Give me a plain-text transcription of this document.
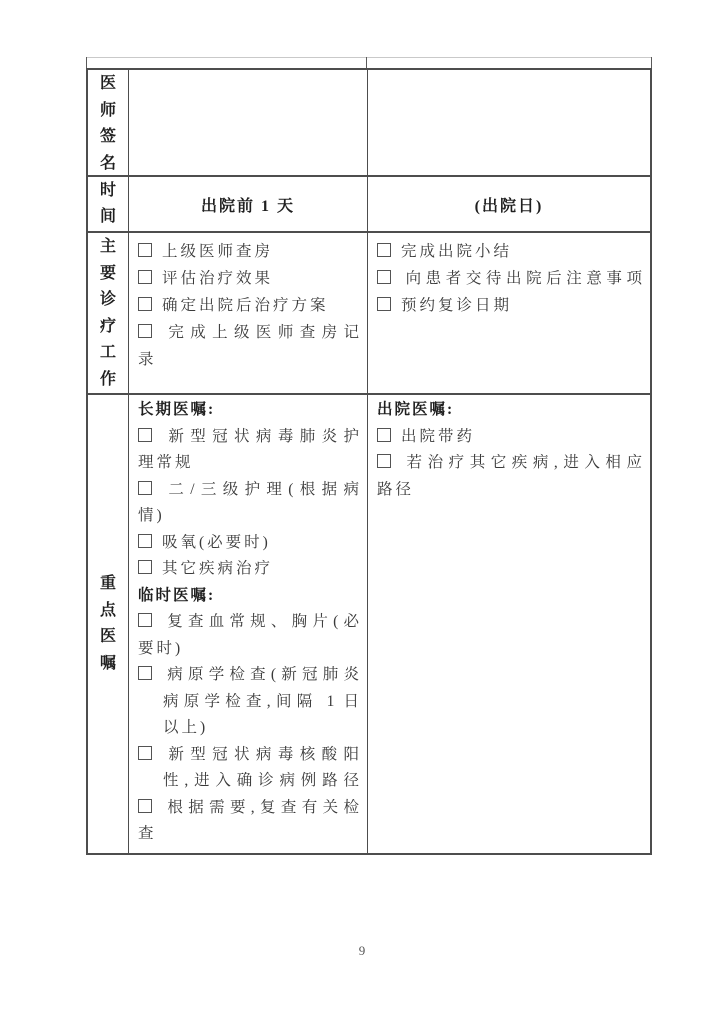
医师签名
时间
出院前 1 天	(出院日)
主要诊疗工作
上级医师查房
评估治疗效果
确定出院后治疗方案
完成上级医师查房记
录
完成出院小结
向患者交待出院后注意事项
预约复诊日期
重点医嘱
长期医嘱:
新型冠状病毒肺炎护
理常规
二/三级护理(根据病
情)
吸氧(必要时)
其它疾病治疗
临时医嘱:
复查血常规、胸片(必
要时)
病原学检查(新冠肺炎
病原学检查,间隔 1 日
以上)
新型冠状病毒核酸阳
性,进入确诊病例路径
根据需要,复查有关检
查
出院医嘱:
出院带药
若治疗其它疾病,进入相应
路径
9
